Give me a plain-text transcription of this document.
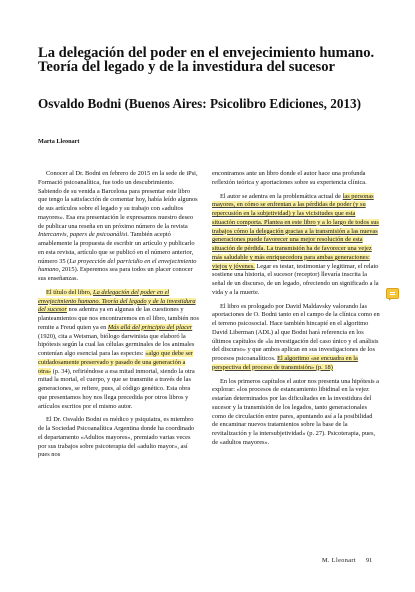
La delegación del poder en el envejecimiento humano. Teoría del legado y de la investidura del sucesor
Osvaldo Bodni (Buenos Aires: Psicolibro Ediciones, 2013)
Marta Lleonart

Conocer al Dr. Bodni en febrero de 2015 en la sede de iPsi, Formació psicoanalítica, fue todo un descubrimiento. Sabiendo de su venida a Barcelona para presentar este libro que tengo la satisfacción de comentar hoy, había leído algunos de sus artículos sobre el legado y su trabajo con «adultos mayores». Esa era presentación le expresamos nuestro deseo de publicar una reseña en un próximo número de la revista Intercanvis, papers de psicoanàlisi. También aceptó amablemente la propuesta de escribir un artículo y publicarlo en esta revista, artículo que se publicó en el número anterior, número 35 (La proyección del parricidio en el envejecimiento humano, 2015). Esperemos sea para todos un placer conocer sus enseñanzas.

El título del libro, La delegación del poder en el envejecimiento humano. Teoría del legado y de la investidura del sucesor nos adentra ya en algunas de las cuestiones y planteamientos que nos encontraremos en el libro, también nos remite a Freud quien ya en Más allá del principio del placer (1920), cita a Weisman, biólogo darwinista que elaboró la hipótesis según la cual las células germinales de los animales contenían algo esencial para las especies: «algo que debe ser cuidadosamente preservado y pasado de una generación a otra» (p. 34), refiriéndose a esa mitad inmortal, siendo la otra mitad la mortal, el cuerpo, y que se transmite a través de las generaciones, se refiere, pues, al código genético. Esta obra que presentamos hoy nos llega precedida por otros libros y artículos escritos por el mismo autor.

El Dr. Osvaldo Bodni es médico y psiquiatra, es miembro de la Sociedad Psicoanalítica Argentina donde ha coordinado el departamento «Adultos mayores», premiado varias veces por sus trabajos sobre psicoterapia del «adulto mayor», así pues nos

encontramos ante un libro donde el autor hace una profunda reflexión teórica y aportaciones sobre su experiencia clínica.

El autor se adentra en la problemática actual de las personas mayores, en cómo se enfrentan a las pérdidas de poder (y su repercusión en la subjetividad) y las vicisitudes que esta situación comporta. Plantea en este libro y a lo largo de todos sus trabajos cómo la delegación gracias a la transmisión a las nuevas generaciones puede favorecer una mejor resolución de esta situación de pérdida. La transmisión ha de favorecer una vejez más saludable y más enriquecedora para ambas generaciones: viejos y jóvenes. Legar es testar, testimoniar y legitimar, el relato sostiene una historia, el sucesor (receptor) llevaría inscrita la señal de un discurso, de un legado, ofreciendo un significado a la vida y a la muerte.

El libro es prologado por David Maldavsky valorando las aportaciones de O. Bodni tanto en el campo de la clínica como en el terreno psicosocial. Hace también hincapié en el algoritmo David Liberman (ADL) al que Bodni hará referencia en los últimos capítulos de «la investigación del caso único y el análisis del discurso» y que ambos aplican en sus investigaciones de los procesos psicoanalíticos. El algoritmo «se encuadra en la perspectiva del proceso de transmisión» (p. 18)

En los primeros capítulos el autor nos presenta una hipótesis a explorar: «los procesos de estancamiento libidinal en la vejez estarían determinados por las dificultades en la investidura del sucesor y la transmisión de los legados, tanto generacionales como de circulación entre pares, apuntando así a la posibilidad de encaminar nuevos tratamientos sobre la base de la revitalización y la intersubjetividad» (p. 27). Psicoterapia, pues, de «adultos mayores».

M. Lleonart 91
